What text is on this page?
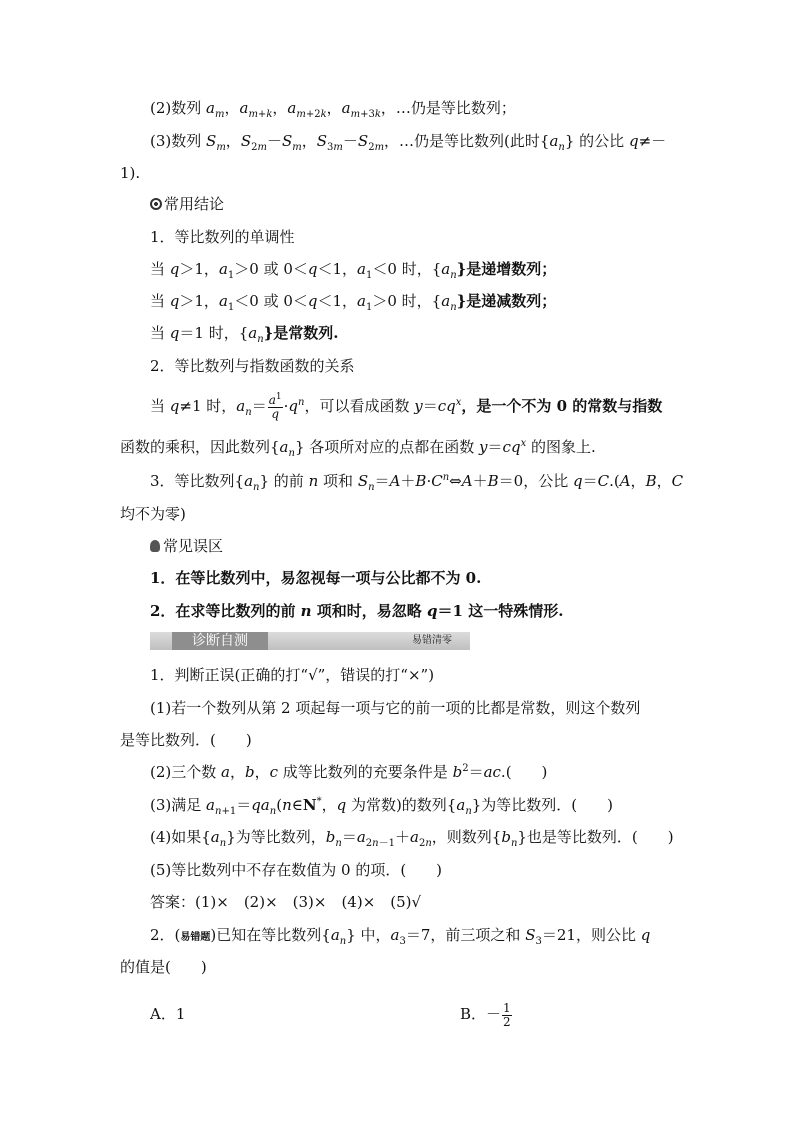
(2)数列 $a_m$，$a_{m+k}$，$a_{m+2k}$，$a_{m+3k}$，…仍是等比数列；
(3)数列 $S_m$，$S_{2m}-S_m$，$S_{3m}-S_{2m}$，…仍是等比数列(此时$\{a_n\}$ 的公比 q≠－
1).
常用结论
1．等比数列的单调性
当 q＞1，$a_1>0$ 或 0＜q＜1，$a_1<0$ 时，$\{a_n\}$是递增数列；
当 q＞1，$a_1<0$ 或 0＜q＜1，$a_1>0$ 时，$\{a_n\}$是递减数列；
当 q＝1 时，$\{a_n\}$是常数列.
2．等比数列与指数函数的关系
当 q≠1 时，$a_n= \frac{a^1}{q} \cdot q^n$，可以看成函数 $y=cq^x$，是一个不为 0 的常数与指数
函数的乘积，因此数列$\{a_n\}$ 各项所对应的点都在函数 $y=cq^x$ 的图象上.
3．等比数列$\{a_n\}$ 的前 n 项和 $S_n=A+B\cdot C^n\Leftrightarrow A+B=0$，公比 q＝C.(A，B，C
均不为零)
常见误区
1．在等比数列中，易忽视每一项与公比都不为 0.
2．在求等比数列的前 n 项和时，易忽略 q＝1 这一特殊情形.
诊断自测	易错清零
1．判断正误(正确的打“√”，错误的打“×”)
(1)若一个数列从第 2 项起每一项与它的前一项的比都是常数，则这个数列
是等比数列．(　　)
(2)三个数 a，b，c 成等比数列的充要条件是 $b^2=ac$.(　　)
(3)满足 $a_{n+1}=qa_n(n\in N^*$，q 为常数)的数列$\{a_n\}$为等比数列．(　　)
(4)如果$\{a_n\}$为等比数列，$b_n=a_{2n-1}+a_{2n}$，则数列$\{b_n\}$也是等比数列．(　　)
(5)等比数列中不存在数值为 0 的项．(　　)
答案：(1)×　(2)×　(3)×　(4)×　(5)√
2．(易错题)已知在等比数列$\{a_n\}$ 中，$a_3=7$，前三项之和 $S_3=21$，则公比 q
的值是(　　)
A．1	B．－ $\frac{1}{2}$
